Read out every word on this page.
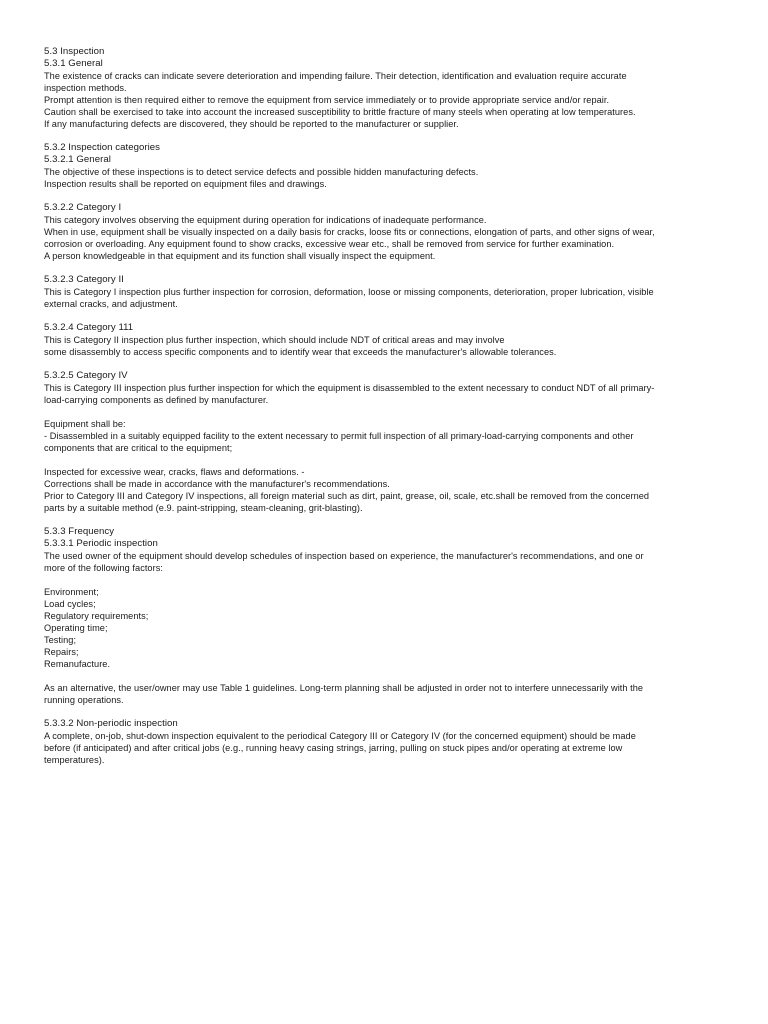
5.3 Inspection
5.3.1 General
The existence of cracks can indicate severe deterioration and impending failure. Their detection, identification and evaluation require accurate
inspection methods.
Prompt attention is then required either to remove the equipment from service immediately or to provide appropriate service and/or repair.
Caution shall be exercised to take into account the increased susceptibility to brittle fracture of many steels when operating at low temperatures.
If any manufacturing defects are discovered, they should be reported to the manufacturer or supplier.
5.3.2 Inspection categories
5.3.2.1 General
The objective of these inspections is to detect service defects and possible hidden manufacturing defects.
Inspection results shall be reported on equipment files and drawings.
5.3.2.2 Category I
This category involves observing the equipment during operation for indications of inadequate performance.
When in use, equipment shall be visually inspected on a daily basis for cracks, loose fits or connections, elongation of parts, and other signs of wear,
corrosion or overloading. Any equipment found to show cracks, excessive wear etc., shall be removed from service for further examination.
A person knowledgeable in that equipment and its function shall visually inspect the equipment.
5.3.2.3 Category II
This is Category I inspection plus further inspection for corrosion, deformation, loose or missing components, deterioration, proper lubrication, visible
external cracks, and adjustment.
5.3.2.4 Category 111
This is Category II inspection plus further inspection, which should include NDT of critical areas and may involve
some disassembly to access specific components and to identify wear that exceeds the manufacturer's allowable tolerances.
5.3.2.5 Category IV
This is Category III inspection plus further inspection for which the equipment is disassembled to the extent necessary to conduct NDT of all primary-
load-carrying components as defined by manufacturer.
Equipment shall be:
- Disassembled in a suitably equipped facility to the extent necessary to permit full inspection of all primary-load-carrying components and other
components that are critical to the equipment;
Inspected for excessive wear, cracks, flaws and deformations. -
Corrections shall be made in accordance with the manufacturer's recommendations.
Prior to Category III and Category IV inspections, all foreign material such as dirt, paint, grease, oil, scale, etc.shall be removed from the concerned
parts by a suitable method (e.9. paint-stripping, steam-cleaning, grit-blasting).
5.3.3 Frequency
5.3.3.1 Periodic inspection
The used owner of the equipment should develop schedules of inspection based on experience, the manufacturer's recommendations, and one or
more of the following factors:
Environment;
Load cycles;
Regulatory requirements;
Operating time;
Testing;
Repairs;
Remanufacture.
As an alternative, the user/owner may use Table 1 guidelines. Long-term planning shall be adjusted in order not to interfere unnecessarily with the
running operations.
5.3.3.2 Non-periodic inspection
A complete, on-job, shut-down inspection equivalent to the periodical Category III or Category IV (for the concerned equipment) should be made
before (if anticipated) and after critical jobs (e.g., running heavy casing strings, jarring, pulling on stuck pipes and/or operating at extreme low
temperatures).
